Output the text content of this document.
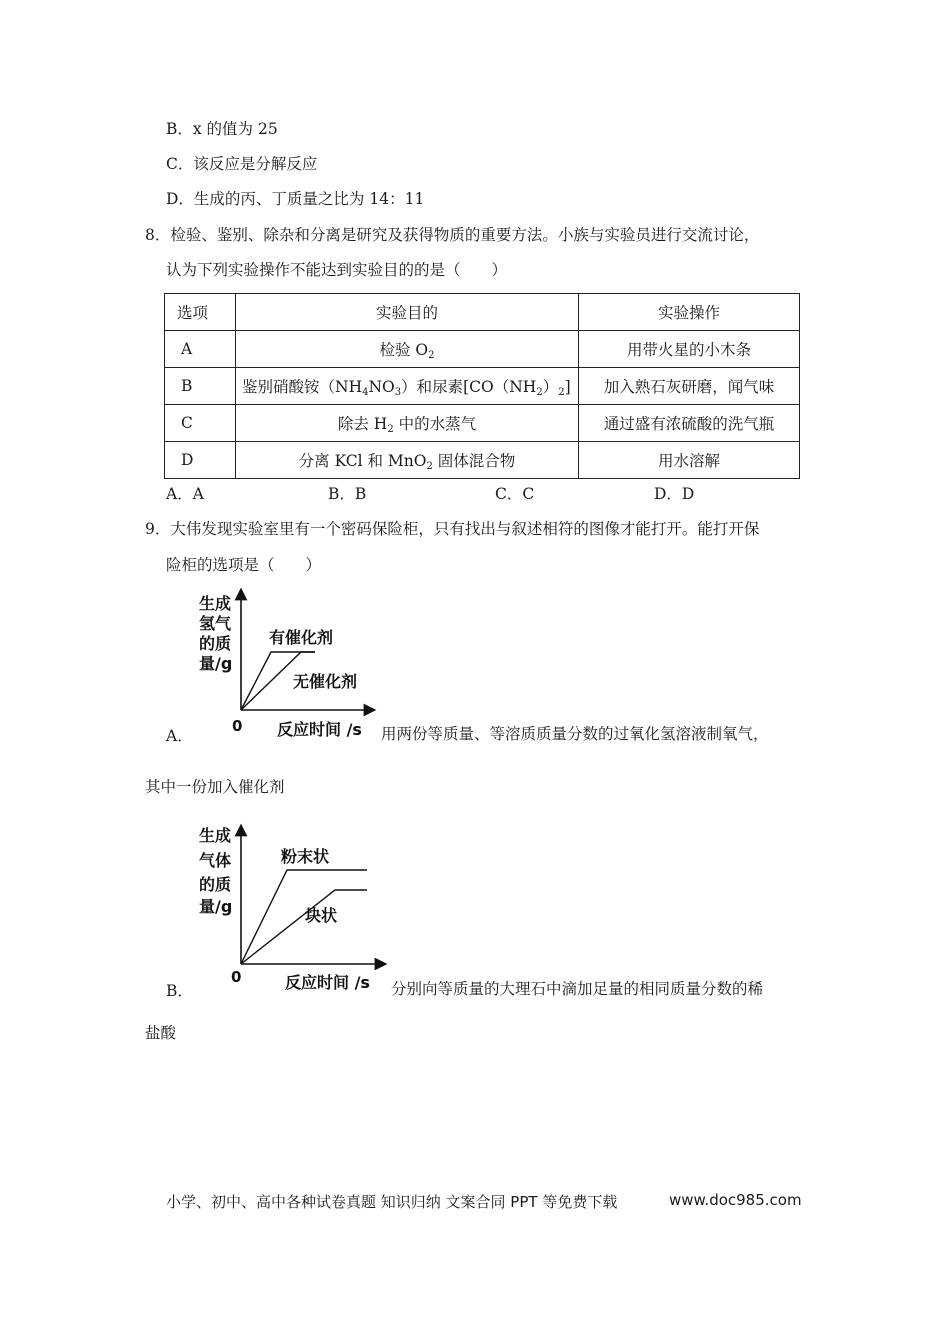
B．x 的值为 25
C．该反应是分解反应
D．生成的丙、丁质量之比为 14：11
8．检验、鉴别、除杂和分离是研究及获得物质的重要方法。小族与实验员进行交流讨论，
认为下列实验操作不能达到实验目的的是（　　）
选项	实验目的	实验操作
A	检验 $O_2$	用带火星的小木条
B	鉴别硝酸铵$(NH_4NO_3)$和尿素$[CO(NH_2)_2]$	加入熟石灰研磨，闻气味
C	除去 $H_2$ 中的水蒸气	通过盛有浓硫酸的洗气瓶
D	分离 KCl 和 MnO$_2$ 固体混合物	用水溶解
A．A	B．B	C．C	D．D
9．大伟发现实验室里有一个密码保险柜，只有找出与叙述相符的图像才能打开。能打开保
险柜的选项是（　　）
生成
氢气
的质
量/g
有催化剂
无催化剂
0 反应时间 /s
A．	用两份等质量、等溶质质量分数的过氧化氢溶液制氧气，
其中一份加入催化剂
生成
气体
的质
量/g
粉末状
块状
0	反应时间 /s
B．	分别向等质量的大理石中滴加足量的相同质量分数的稀
盐酸
小学、初中、高中各种试卷真题 知识归纳 文案合同 PPT 等免费下载	www.doc985.com
